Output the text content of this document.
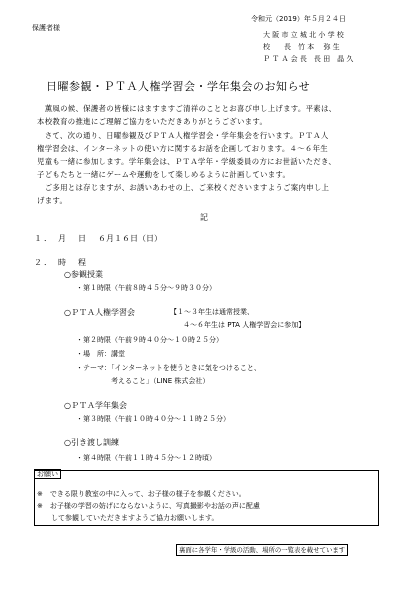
保護者様
令和元（2019）年５月２４日
大 阪 市 立 城 北 小 学 校
校　　長　竹 本　 弥 生
Ｐ Ｔ Ａ 会 長　長 田　晶 久
日曜参観・ＰＴＡ人権学習会・学年集会のお知らせ
　薫風の候、保護者の皆様にはますますご清祥のこととお喜び申し上げます。平素は、
本校教育の推進にご理解ご協力をいただきありがとうございます。
　さて、次の通り、日曜参観及びＰＴＡ人権学習会・学年集会を行います。ＰＴＡ人
権学習会は、インターネットの使い方に関するお話を企画しております。４～６年生
児童も一緒に参加します。学年集会は、ＰＴＡ学年・学級委員の方にお世話いただき、
子どもたちと一緒にゲームや運動をして楽しめるように計画しています。
　ご多用とは存じますが、お誘いあわせの上、ご来校くださいますようご案内申し上
げます。
記
１． 月　日 ６月１６日（日）
２． 時　程
○参観授業
・第１時限（午前８時４５分～９時３０分）
○ＰＴＡ人権学習会	【１～３年生は通常授業、
４～６年生は PTA 人権学習会に参加】
・第２時限（午前９時４０分～１０時２５分）
・場　所：講堂
・テーマ：「インターネットを使うときに気をつけること、
　　　　　考えること」（LINE 株式会社）
○ＰＴＡ学年集会
・第３時限（午前１０時４０分～１１時２５分）
○引き渡し訓練
・第４時限（午前１１時４５分～１２時頃）
お願い
※　できる限り教室の中に入って、お子様の様子を参観ください。
※　お子様の学習の妨げにならないように、写真撮影やお話の声に配慮
　　して参観していただきますようご協力お願いします。
裏面に各学年・学級の活動、場所の一覧表を載せています
